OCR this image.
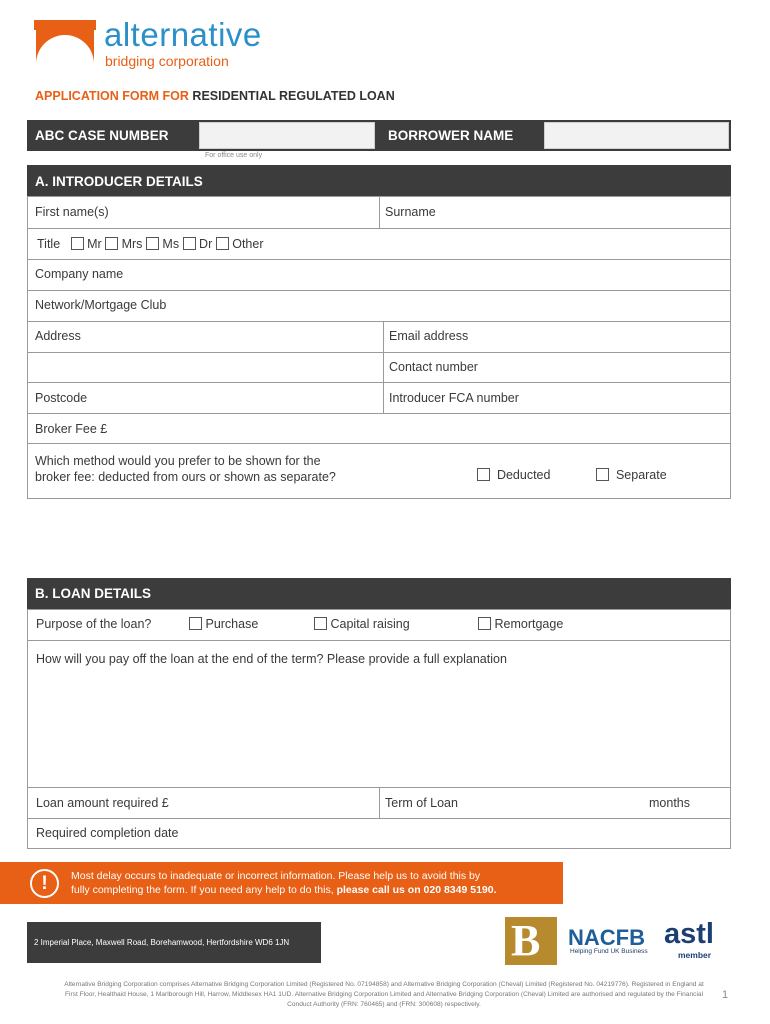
alternative
bridging corporation
APPLICATION FORM FOR RESIDENTIAL REGULATED LOAN
ABC CASE NUMBER	BORROWER NAME
For office use only
A. INTRODUCER DETAILS
First name(s)	Surname
Title Mr Mrs Ms Dr Other
Company name
Network/Mortgage Club
Address	Email address
Contact number
Postcode	Introducer FCA number
Broker Fee £
Which method would you prefer to be shown for the
broker fee: deducted from ours or shown as separate?	Deducted	Separate
B. LOAN DETAILS
Purpose of the loan?	Purchase	Capital raising	Remortgage
How will you pay off the loan at the end of the term? Please provide a full explanation
Loan amount required £	Term of Loan	months
Required completion date
!	Most delay occurs to inadequate or incorrect information. Please help us to avoid this by
fully completing the form. If you need any help to do this, please call us on 020 8349 5190.
2 Imperial Place, Maxwell Road, Borehamwood, Hertfordshire WD6 1JN	B NACFB
Helping Fund UK Business
astl
member
Alternative Bridging Corporation comprises Alternative Bridging Corporation Limited (Registered No. 07194858) and Alternative Bridging Corporation (Cheval) Limited (Registered No. 04219776). Registered in England at First Floor, Healthaid House, 1 Marlborough Hill, Harrow, Middlesex HA1 1UD. Alternative Bridging Corporation Limited and Alternative Bridging Corporation (Cheval) Limited are authorised and regulated by the Financial Conduct Authority (FRN: 760465) and (FRN: 300608) respectively.
1
